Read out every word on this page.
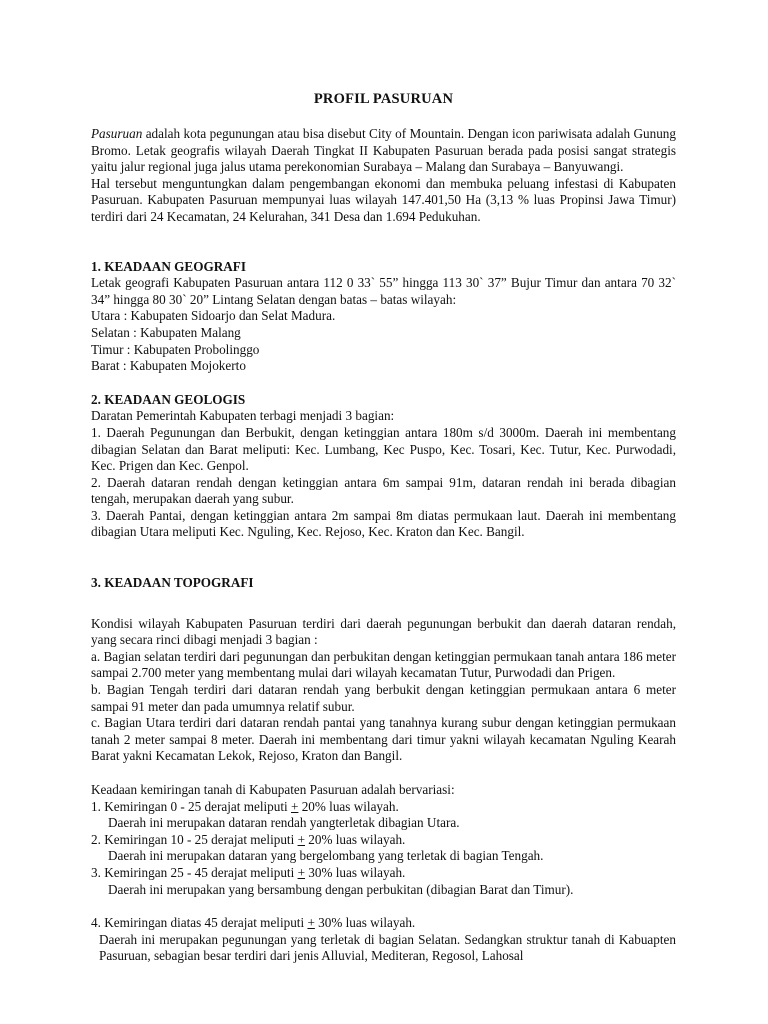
PROFIL PASURUAN

Pasuruan adalah kota pegunungan atau bisa disebut City of Mountain. Dengan icon pariwisata adalah Gunung Bromo. Letak geografis wilayah Daerah Tingkat II Kabupaten Pasuruan berada pada posisi sangat strategis yaitu jalur regional juga jalus utama perekonomian Surabaya – Malang dan Surabaya – Banyuwangi.

Hal tersebut menguntungkan dalam pengembangan ekonomi dan membuka peluang infestasi di Kabupaten Pasuruan. Kabupaten Pasuruan mempunyai luas wilayah 147.401,50 Ha (3,13 % luas Propinsi Jawa Timur) terdiri dari 24 Kecamatan, 24 Kelurahan, 341 Desa dan 1.694 Pedukuhan.

1. KEADAAN GEOGRAFI

Letak geografi Kabupaten Pasuruan antara 112 0 33` 55” hingga 113 30` 37” Bujur Timur dan antara 70 32` 34” hingga 80 30` 20” Lintang Selatan dengan batas – batas wilayah:

Utara : Kabupaten Sidoarjo dan Selat Madura.

Selatan : Kabupaten Malang

Timur : Kabupaten Probolinggo

Barat : Kabupaten Mojokerto

2. KEADAAN GEOLOGIS

Daratan Pemerintah Kabupaten terbagi menjadi 3 bagian:

1. Daerah Pegunungan dan Berbukit, dengan ketinggian antara 180m s/d 3000m. Daerah ini membentang dibagian Selatan dan Barat meliputi: Kec. Lumbang, Kec Puspo, Kec. Tosari, Kec. Tutur, Kec. Purwodadi, Kec. Prigen dan Kec. Genpol.

2. Daerah dataran rendah dengan ketinggian antara 6m sampai 91m, dataran rendah ini berada dibagian tengah, merupakan daerah yang subur.

3. Daerah Pantai, dengan ketinggian antara 2m sampai 8m diatas permukaan laut. Daerah ini membentang dibagian Utara meliputi Kec. Nguling, Kec. Rejoso, Kec. Kraton dan Kec. Bangil.

3. KEADAAN TOPOGRAFI

Kondisi wilayah Kabupaten Pasuruan terdiri dari daerah pegunungan berbukit dan daerah dataran rendah, yang secara rinci dibagi menjadi 3 bagian :

a. Bagian selatan terdiri dari pegunungan dan perbukitan dengan ketinggian permukaan tanah antara 186 meter sampai 2.700 meter yang membentang mulai dari wilayah kecamatan Tutur, Purwodadi dan Prigen.

b. Bagian Tengah terdiri dari dataran rendah yang berbukit dengan ketinggian permukaan antara 6 meter sampai 91 meter dan pada umumnya relatif subur.

c. Bagian Utara terdiri dari dataran rendah pantai yang tanahnya kurang subur dengan ketinggian permukaan tanah 2 meter sampai 8 meter. Daerah ini membentang dari timur yakni wilayah kecamatan Nguling Kearah Barat yakni Kecamatan Lekok, Rejoso, Kraton dan Bangil.

Keadaan kemiringan tanah di Kabupaten Pasuruan adalah bervariasi:

1. Kemiringan 0 - 25 derajat meliputi + 20% luas wilayah.

Daerah ini merupakan dataran rendah yangterletak dibagian Utara.

2. Kemiringan 10 - 25 derajat meliputi + 20% luas wilayah.

Daerah ini merupakan dataran yang bergelombang yang terletak di bagian Tengah.

3. Kemiringan 25 - 45 derajat meliputi + 30% luas wilayah.

Daerah ini merupakan yang bersambung dengan perbukitan (dibagian Barat dan Timur).

4. Kemiringan diatas 45 derajat meliputi + 30% luas wilayah.

Daerah ini merupakan pegunungan yang terletak di bagian Selatan. Sedangkan struktur tanah di Kabuapten Pasuruan, sebagian besar terdiri dari jenis Alluvial, Mediteran, Regosol, Lahosal
